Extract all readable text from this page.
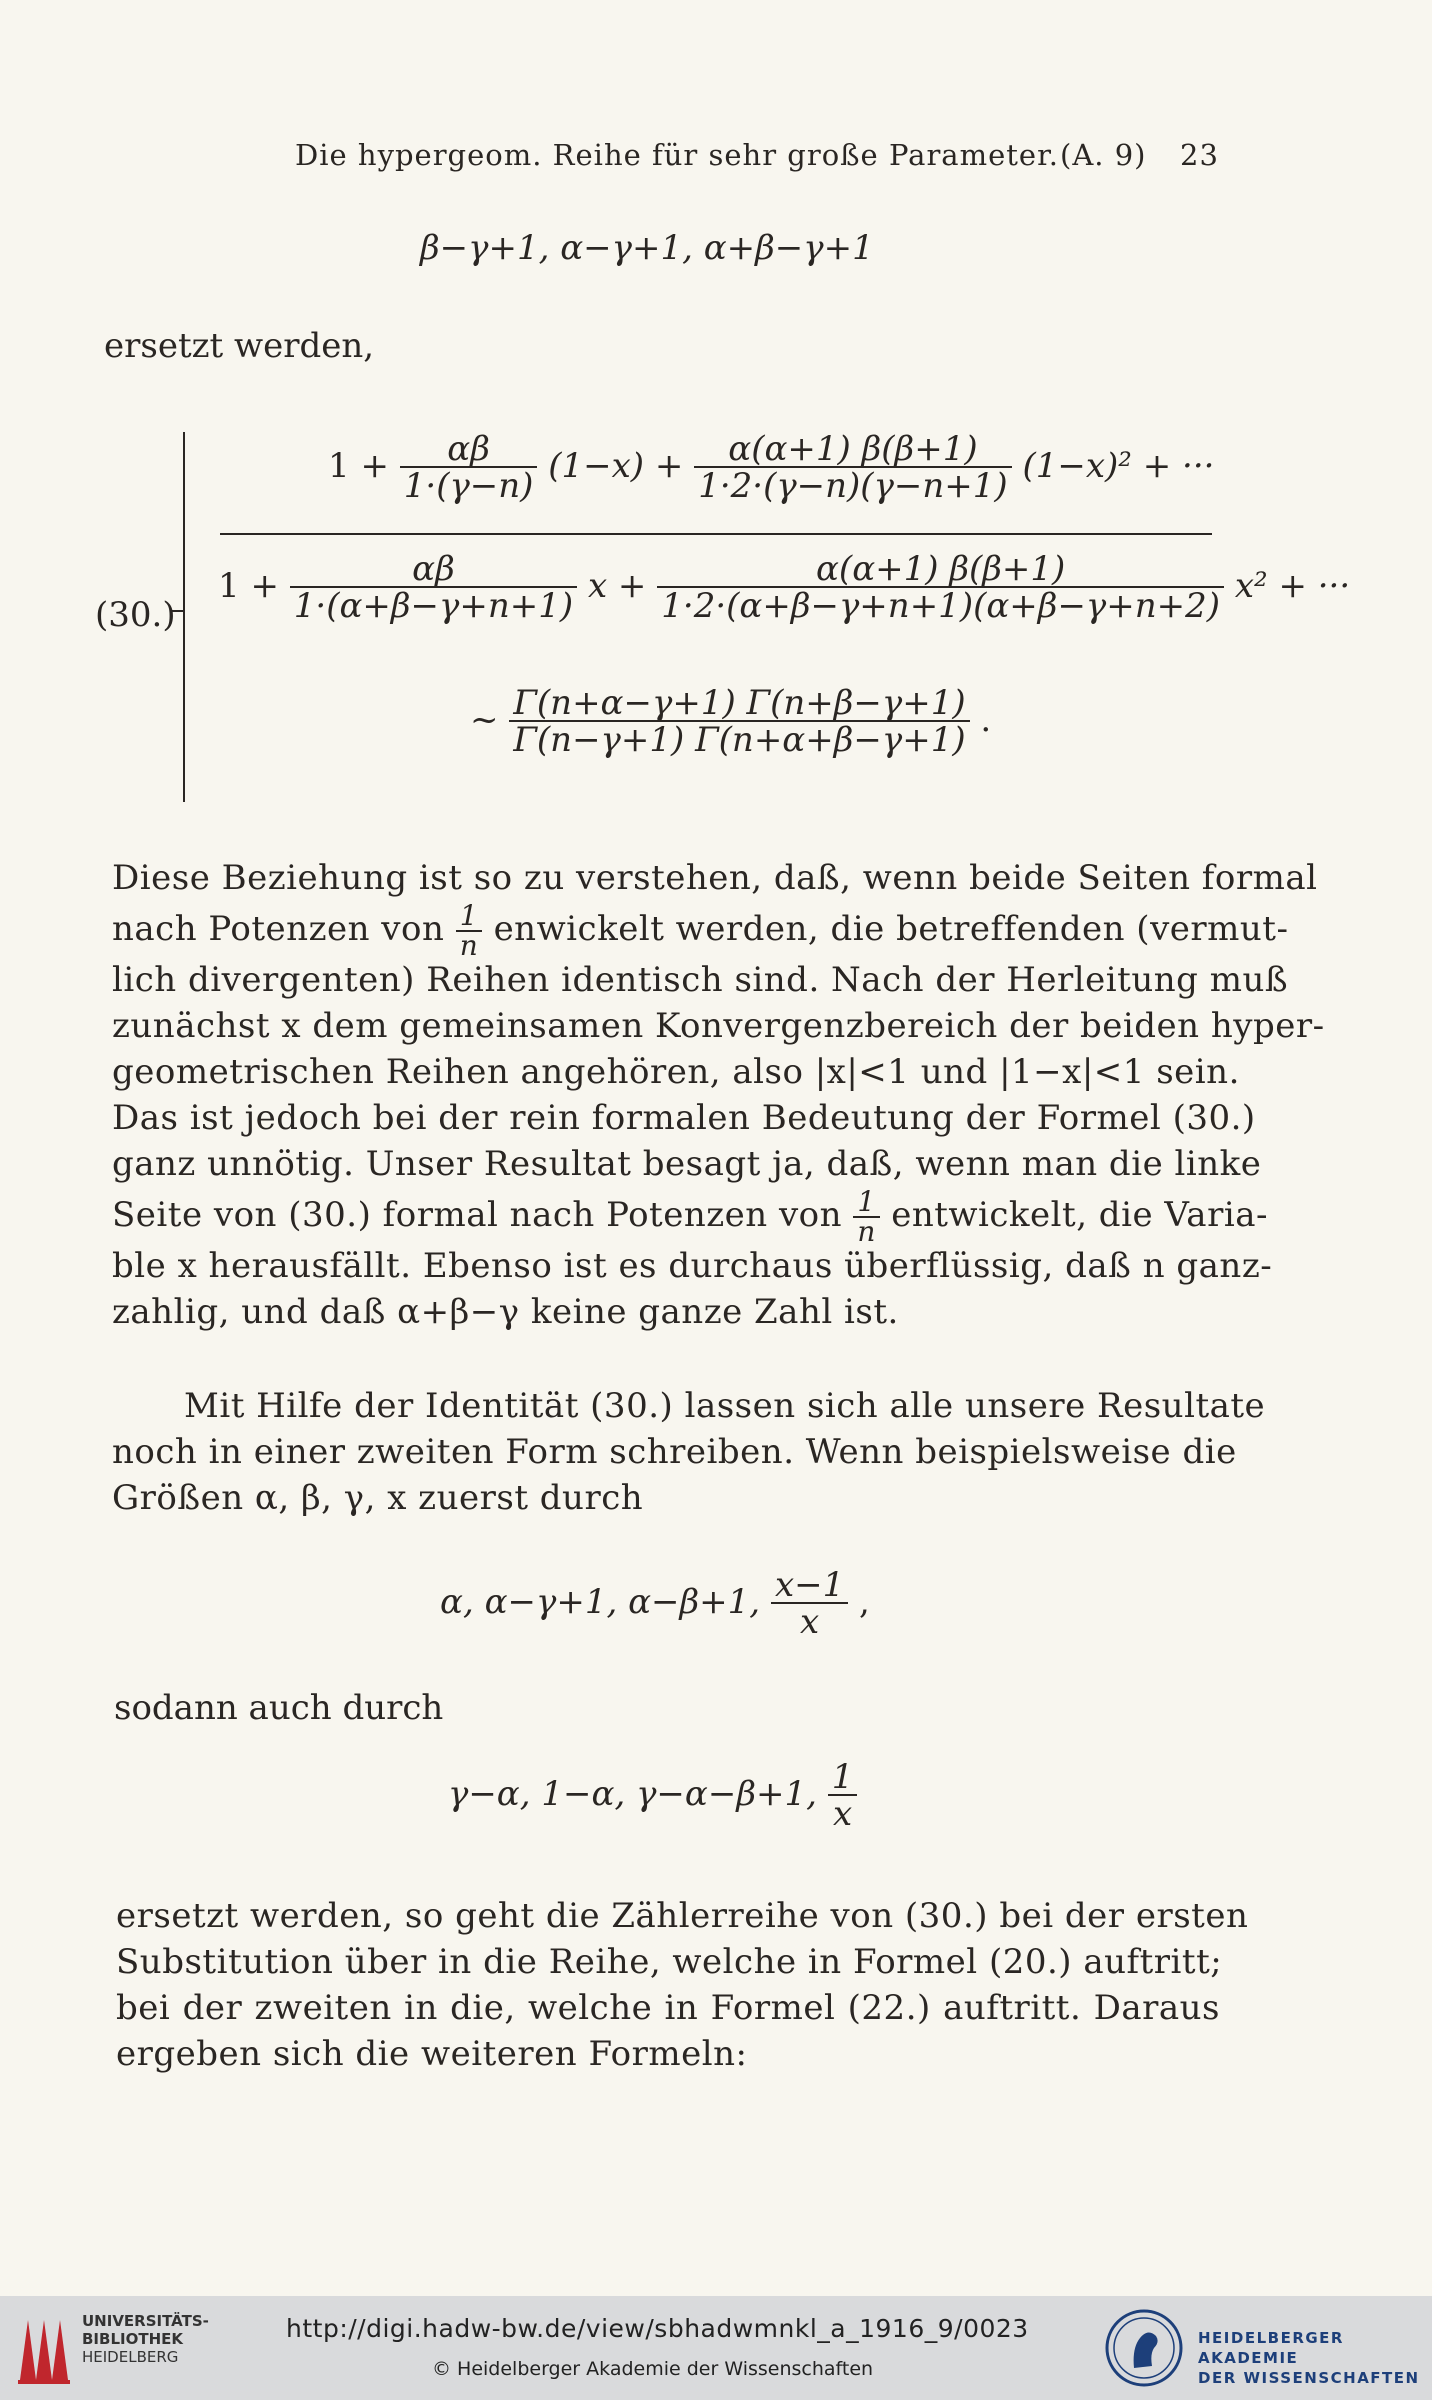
Die hypergeom. Reihe für sehr große Parameter. (A. 9) 23
β−γ+1, α−γ+1, α+β−γ+1
ersetzt werden,
(30.)
$1 + \frac{\alpha\beta}{1\cdot(\gamma-n)} (1-x) + \frac{\alpha(\alpha+1) \beta(\beta+1)}{1\cdot 2\cdot(\gamma-n)(\gamma-n+1)} (1-x)^2$ + ···
$1 + \frac{\alpha\beta}{1\cdot(\alpha+\beta-\gamma+n+1)}$ $x + \frac{\alpha(\alpha+1) \beta(\beta+1)}{1\cdot 2\cdot(\alpha+\beta-\gamma+n+1)(\alpha+\beta-\gamma+n+2)} x^2$ + ···
~ $\frac{\Gamma(n+\alpha-\gamma+1) \Gamma(n+\beta-\gamma+1)}{\Gamma(n-\gamma+1) \Gamma(n+\alpha+\beta-\gamma+1)}$ .
Diese Beziehung ist so zu verstehen, daß, wenn beide Seiten formal
nach Potenzen von $\frac{1}{n}$ enwickelt werden, die betreffenden (vermut-
lich divergenten) Reihen identisch sind. Nach der Herleitung muß
zunächst x dem gemeinsamen Konvergenzbereich der beiden hyper-
geometrischen Reihen angehören, also |x|<1 und |1−x|<1 sein.
Das ist jedoch bei der rein formalen Bedeutung der Formel (30.)
ganz unnötig. Unser Resultat besagt ja, daß, wenn man die linke
Seite von (30.) formal nach Potenzen von $\frac{1}{n}$ entwickelt, die Varia-
ble x herausfällt. Ebenso ist es durchaus überflüssig, daß n ganz-
zahlig, und daß α+β−γ keine ganze Zahl ist.
Mit Hilfe der Identität (30.) lassen sich alle unsere Resultate
noch in einer zweiten Form schreiben. Wenn beispielsweise die
Größen α, β, γ, x zuerst durch
α, α−γ+1, α−β+1, $\frac{x-1}{x}$ ,
sodann auch durch
γ−α, 1−α, γ−α−β+1, $\frac{1}{x}$
ersetzt werden, so geht die Zählerreihe von (30.) bei der ersten
Substitution über in die Reihe, welche in Formel (20.) auftritt;
bei der zweiten in die, welche in Formel (22.) auftritt. Daraus
ergeben sich die weiteren Formeln:
UNIVERSITÄTS-
BIBLIOTHEK
HEIDELBERG
http://digi.hadw-bw.de/view/sbhadwmnkl_a_1916_9/0023
© Heidelberger Akademie der Wissenschaften
HEIDELBERGER AKADEMIE
DER WISSENSCHAFTEN
